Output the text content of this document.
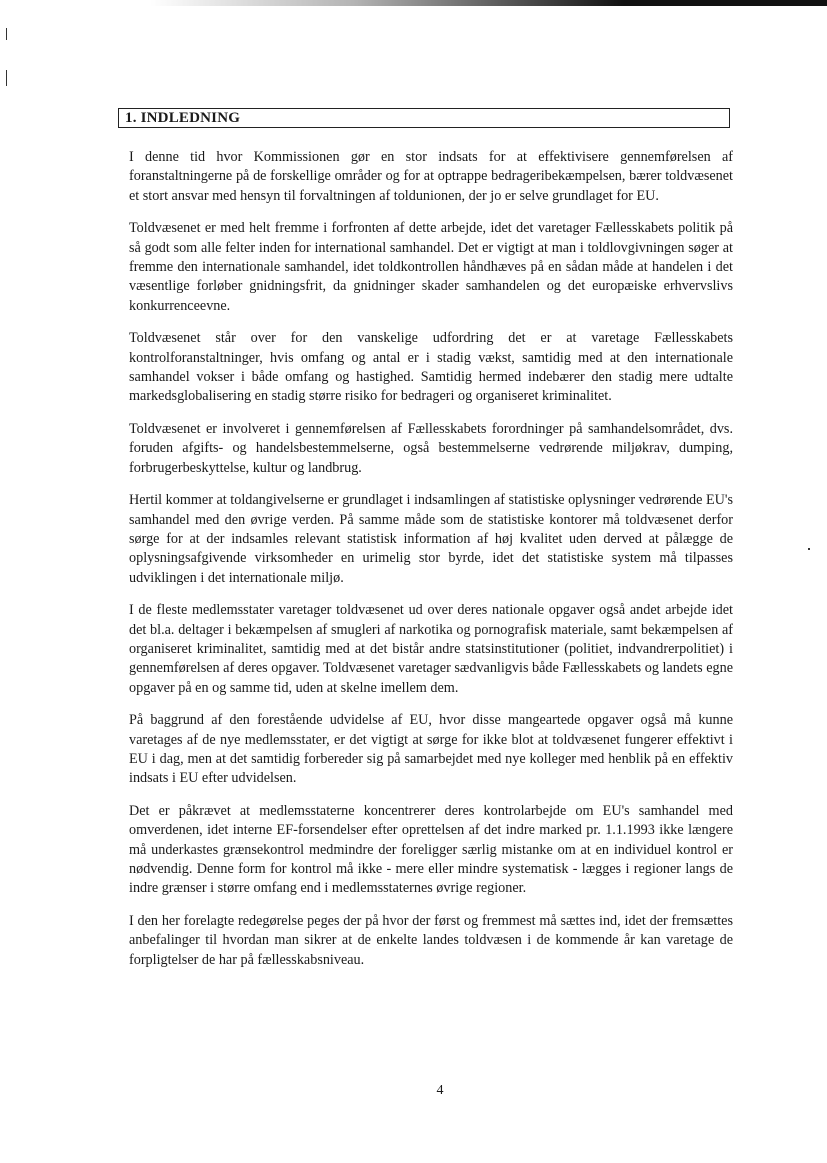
1. INDLEDNING

I denne tid hvor Kommissionen gør en stor indsats for at effektivisere gennemførelsen af foranstaltningerne på de forskellige områder og for at optrappe bedrageribekæmpelsen, bærer toldvæsenet et stort ansvar med hensyn til forvaltningen af toldunionen, der jo er selve grundlaget for EU.

Toldvæsenet er med helt fremme i forfronten af dette arbejde, idet det varetager Fællesskabets politik på så godt som alle felter inden for international samhandel. Det er vigtigt at man i toldlovgivningen søger at fremme den internationale samhandel, idet toldkontrollen håndhæves på en sådan måde at handelen i det væsentlige forløber gnidningsfrit, da gnidninger skader samhandelen og det europæiske erhvervslivs konkurrenceevne.

Toldvæsenet står over for den vanskelige udfordring det er at varetage Fællesskabets kontrolforanstaltninger, hvis omfang og antal er i stadig vækst, samtidig med at den internationale samhandel vokser i både omfang og hastighed. Samtidig hermed indebærer den stadig mere udtalte markedsglobalisering en stadig større risiko for bedrageri og organiseret kriminalitet.

Toldvæsenet er involveret i gennemførelsen af Fællesskabets forordninger på samhandelsområdet, dvs. foruden afgifts- og handelsbestemmelserne, også bestemmelserne vedrørende miljøkrav, dumping, forbrugerbeskyttelse, kultur og landbrug.

Hertil kommer at toldangivelserne er grundlaget i indsamlingen af statistiske oplysninger vedrørende EU's samhandel med den øvrige verden. På samme måde som de statistiske kontorer må toldvæsenet derfor sørge for at der indsamles relevant statistisk information af høj kvalitet uden derved at pålægge de oplysningsafgivende virksomheder en urimelig stor byrde, idet det statistiske system må tilpasses udviklingen i det internationale miljø.

I de fleste medlemsstater varetager toldvæsenet ud over deres nationale opgaver også andet arbejde idet det bl.a. deltager i bekæmpelsen af smugleri af narkotika og pornografisk materiale, samt bekæmpelsen af organiseret kriminalitet, samtidig med at det bistår andre statsinstitutioner (politiet, indvandrerpolitiet) i gennemførelsen af deres opgaver. Toldvæsenet varetager sædvanligvis både Fællesskabets og landets egne opgaver på en og samme tid, uden at skelne imellem dem.

På baggrund af den forestående udvidelse af EU, hvor disse mangeartede opgaver også må kunne varetages af de nye medlemsstater, er det vigtigt at sørge for ikke blot at toldvæsenet fungerer effektivt i EU i dag, men at det samtidig forbereder sig på samarbejdet med nye kolleger med henblik på en effektiv indsats i EU efter udvidelsen.

Det er påkrævet at medlemsstaterne koncentrerer deres kontrolarbejde om EU's samhandel med omverdenen, idet interne EF-forsendelser efter oprettelsen af det indre marked pr. 1.1.1993 ikke længere må underkastes grænsekontrol medmindre der foreligger særlig mistanke om at en individuel kontrol er nødvendig. Denne form for kontrol må ikke - mere eller mindre systematisk - lægges i regioner langs de indre grænser i større omfang end i medlemsstaternes øvrige regioner.

I den her forelagte redegørelse peges der på hvor der først og fremmest må sættes ind, idet der fremsættes anbefalinger til hvordan man sikrer at de enkelte landes toldvæsen i de kommende år kan varetage de forpligtelser de har på fællesskabsniveau.

4
